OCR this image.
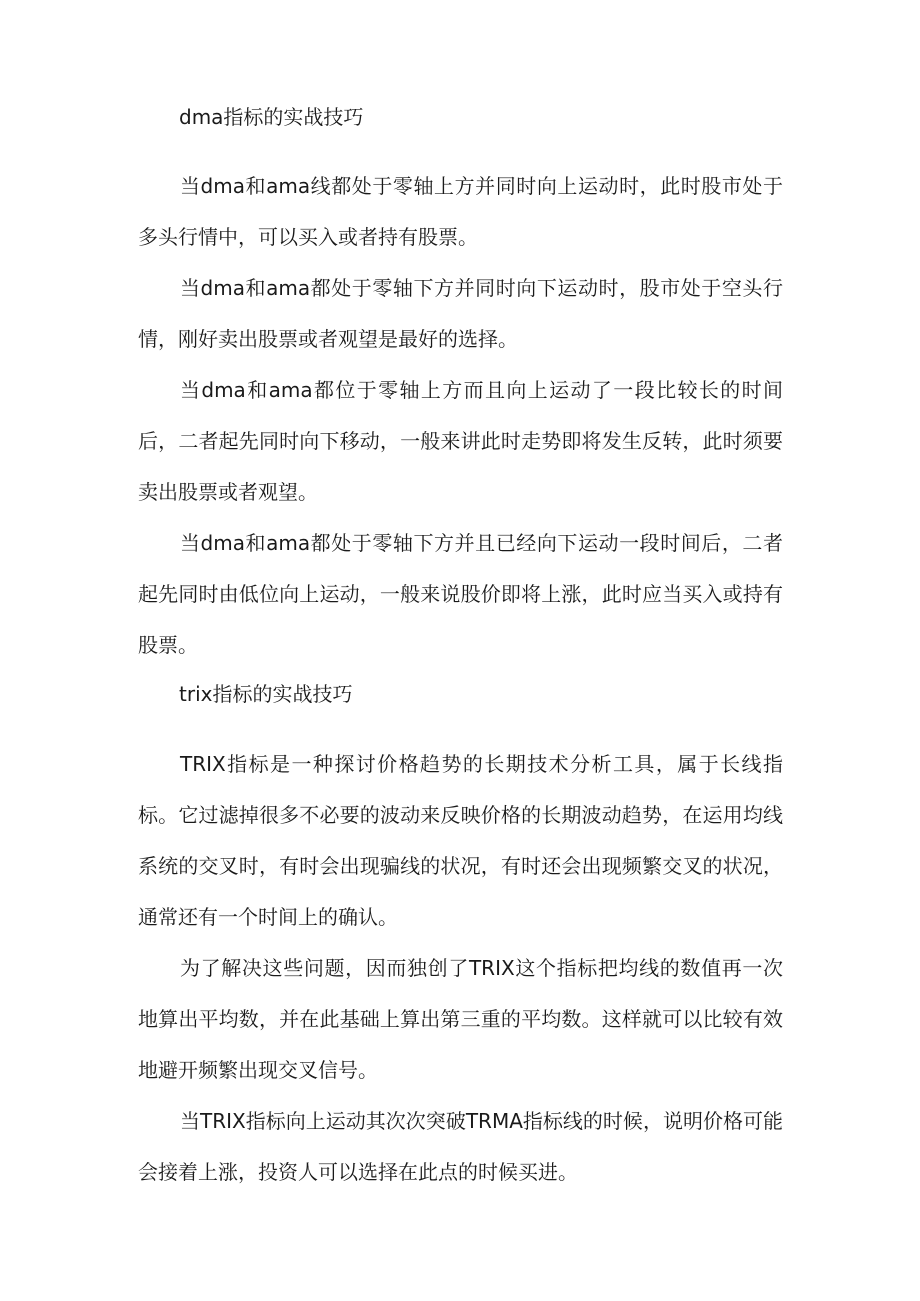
dma指标的实战技巧

当dma和ama线都处于零轴上方并同时向上运动时，此时股市处于多头行情中，可以买入或者持有股票。

当dma和ama都处于零轴下方并同时向下运动时，股市处于空头行情，刚好卖出股票或者观望是最好的选择。

当dma和ama都位于零轴上方而且向上运动了一段比较长的时间后，二者起先同时向下移动，一般来讲此时走势即将发生反转，此时须要卖出股票或者观望。

当dma和ama都处于零轴下方并且已经向下运动一段时间后，二者起先同时由低位向上运动，一般来说股价即将上涨，此时应当买入或持有股票。

trix指标的实战技巧

TRIX指标是一种探讨价格趋势的长期技术分析工具，属于长线指标。它过滤掉很多不必要的波动来反映价格的长期波动趋势，在运用均线系统的交叉时，有时会出现骗线的状况，有时还会出现频繁交叉的状况，通常还有一个时间上的确认。

为了解决这些问题，因而独创了TRIX这个指标把均线的数值再一次地算出平均数，并在此基础上算出第三重的平均数。这样就可以比较有效地避开频繁出现交叉信号。

当TRIX指标向上运动其次次突破TRMA指标线的时候，说明价格可能会接着上涨，投资人可以选择在此点的时候买进。
